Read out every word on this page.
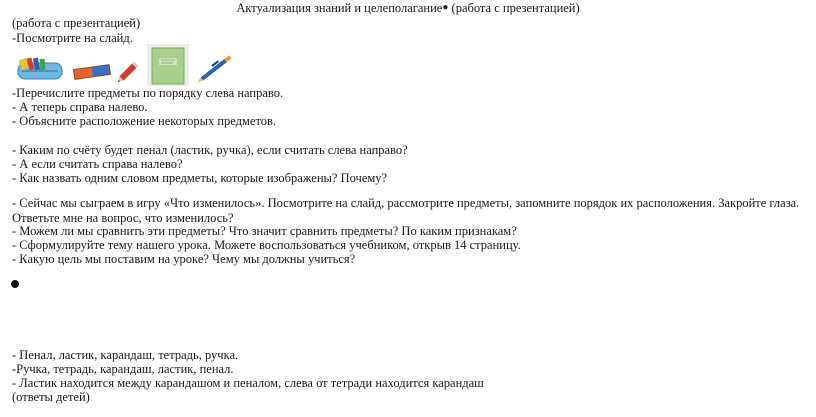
Актуализация знаний и целеполагание● (работа с презентацией)
(работа с презентацией)
-Посмотрите на слайд.
-Перечислите предметы по порядку слева направо.
- А теперь справа налево.
- Объясните расположение некоторых предметов.
- Каким по счёту будет пенал (ластик, ручка), если считать слева направо?
- А если считать справа налево?
- Как назвать одним словом предметы, которые изображены? Почему?
- Сейчас мы сыграем в игру «Что изменилось». Посмотрите на слайд, рассмотрите предметы, запомните порядок их расположения. Закройте глаза. Ответьте мне на вопрос, что изменилось?
- Можем ли мы сравнить эти предметы? Что значит сравнить предметы? По каким признакам?
- Сформулируйте тему нашего урока. Можете воспользоваться учебником, открыв 14 страницу.
- Какую цель мы поставим на уроке? Чему мы должны учиться?
- Пенал, ластик, карандаш, тетрадь, ручка.
-Ручка, тетрадь, карандаш, ластик, пенал.
- Ластик находится между карандашом и пеналом, слева от тетради находится карандаш
(ответы детей)
